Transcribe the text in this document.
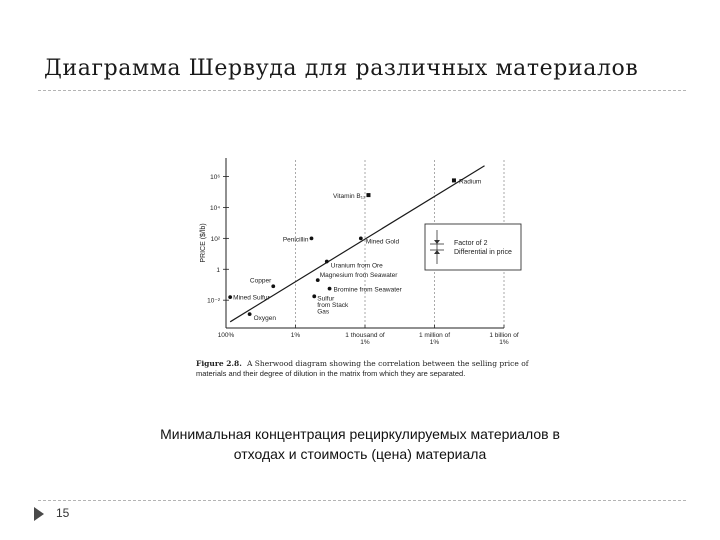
Диаграмма Шервуда для различных материалов
Radium
Vitamin B₁₂
Penicillin	Mined Gold
Uranium from Ore
Magnesium from Seawater
Bromine from Seawater
Copper
Sulfur from Stack Gas
Mined Sulfur
Oxygen
10⁶
10⁴
10²
1
10⁻²
100%	1%	1 thousand of
1%
1 million of
1%
1 billion of
1%
PRICE ($/lb)	Factor of 2
Differential in price
Figure 2.8. A Sherwood diagram showing the correlation between the selling price of
materials and their degree of dilution in the matrix from which they are separated.
Минимальная концентрация рециркулируемых материалов в
отходах и стоимость (цена) материала
15
